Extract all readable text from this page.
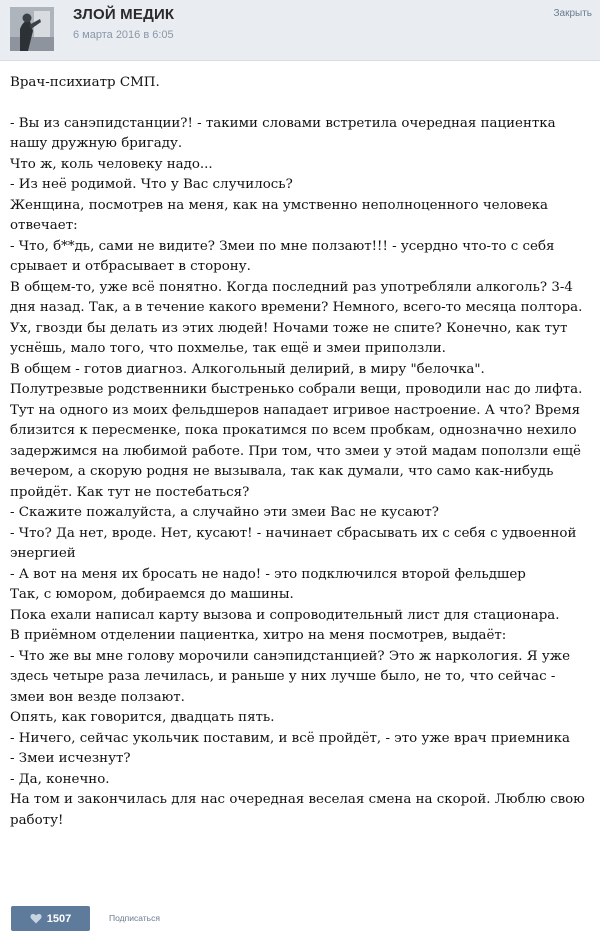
ЗЛОЙ МЕДИК
6 марта 2016 в 6:05
Закрыть

Врач-психиатр СМП.

- Вы из санэпидстанции?! - такими словами встретила очередная пациентка нашу дружную бригаду.

Что ж, коль человеку надо...

- Из неё родимой. Что у Вас случилось?

Женщина, посмотрев на меня, как на умственно неполноценного человека отвечает:

- Что, б**дь, сами не видите? Змеи по мне ползают!!! - усердно что-то с себя срывает и отбрасывает в сторону.

В общем-то, уже всё понятно. Когда последний раз употребляли алкоголь? 3-4 дня назад. Так, а в течение какого времени? Немного, всего-то месяца полтора. Ух, гвозди бы делать из этих людей! Ночами тоже не спите? Конечно, как тут уснёшь, мало того, что похмелье, так ещё и змеи приползли.

В общем - готов диагноз. Алкогольный делирий, в миру "белочка".

Полутрезвые родственники быстренько собрали вещи, проводили нас до лифта. Тут на одного из моих фельдшеров нападает игривое настроение. А что? Время близится к пересменке, пока прокатимся по всем пробкам, однозначно нехило задержимся на любимой работе. При том, что змеи у этой мадам поползли ещё вечером, а скорую родня не вызывала, так как думали, что само как-нибудь пройдёт. Как тут не постебаться?

- Скажите пожалуйста, а случайно эти змеи Вас не кусают?

- Что? Да нет, вроде. Нет, кусают! - начинает сбрасывать их с себя с удвоенной энергией

- А вот на меня их бросать не надо! - это подключился второй фельдшер

Так, с юмором, добираемся до машины.

Пока ехали написал карту вызова и сопроводительный лист для стационара.

В приёмном отделении пациентка, хитро на меня посмотрев, выдаёт:

- Что же вы мне голову морочили санэпидстанцией? Это ж наркология. Я уже здесь четыре раза лечилась, и раньше у них лучше было, не то, что сейчас - змеи вон везде ползают.

Опять, как говорится, двадцать пять.

- Ничего, сейчас укольчик поставим, и всё пройдёт, - это уже врач приемника

- Змеи исчезнут?

- Да, конечно.

На том и закончилась для нас очередная веселая смена на скорой. Люблю свою работу!

1507	Подписаться
